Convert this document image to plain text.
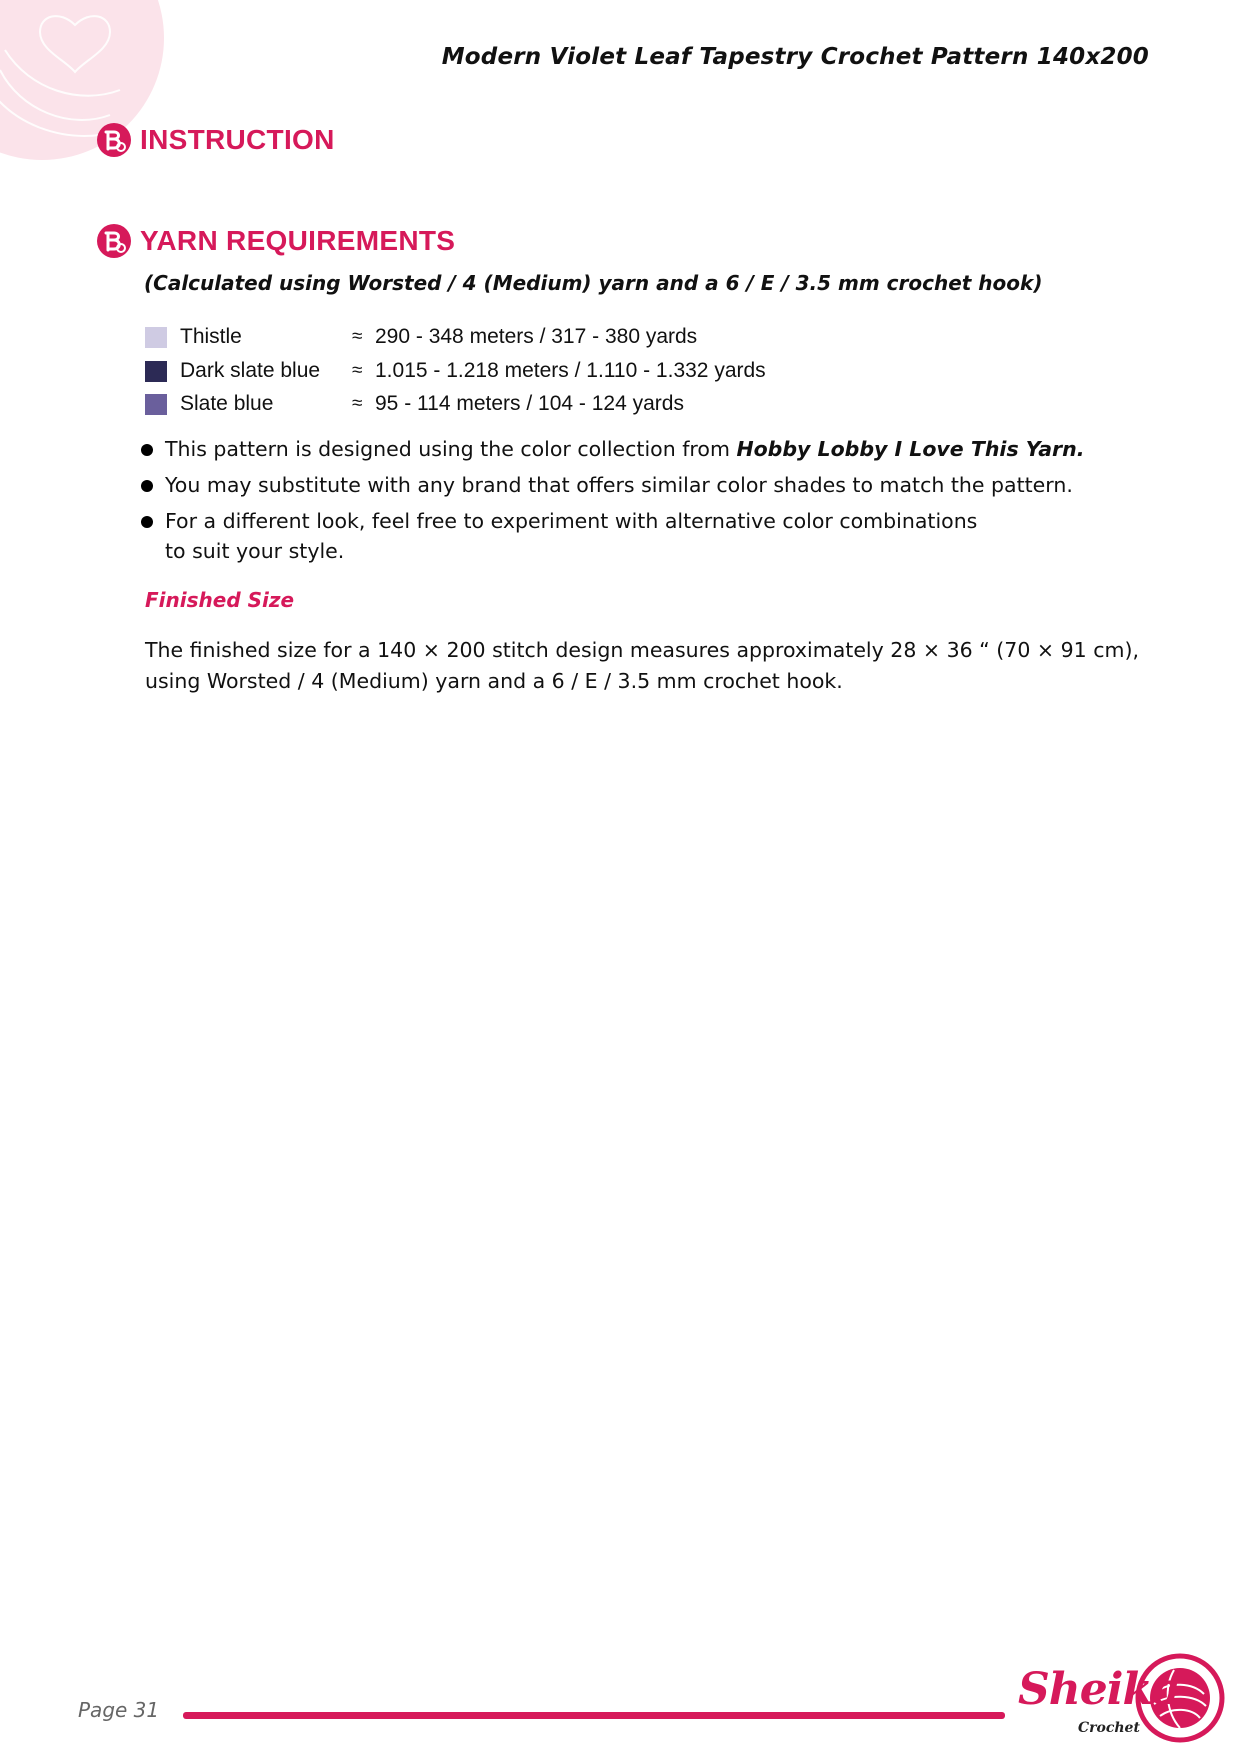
Modern Violet Leaf Tapestry Crochet Pattern 140x200
INSTRUCTION
YARN REQUIREMENTS
(Calculated using Worsted / 4 (Medium) yarn and a 6 / E / 3.5 mm crochet hook)
Thistle	≈ 290 - 348 meters / 317 - 380 yards
Dark slate blue	≈ 1.015 - 1.218 meters / 1.110 - 1.332 yards
Slate blue	≈ 95 - 114 meters / 104 - 124 yards
This pattern is designed using the color collection from Hobby Lobby I Love This Yarn.
You may substitute with any brand that offers similar color shades to match the pattern.
For a different look, feel free to experiment with alternative color combinations
to suit your style.
Finished Size
The finished size for a 140 × 200 stitch design measures approximately 28 × 36 “ (70 × 91 cm),
using Worsted / 4 (Medium) yarn and a 6 / E / 3.5 mm crochet hook.
Page 31	Sheika
Crochet
